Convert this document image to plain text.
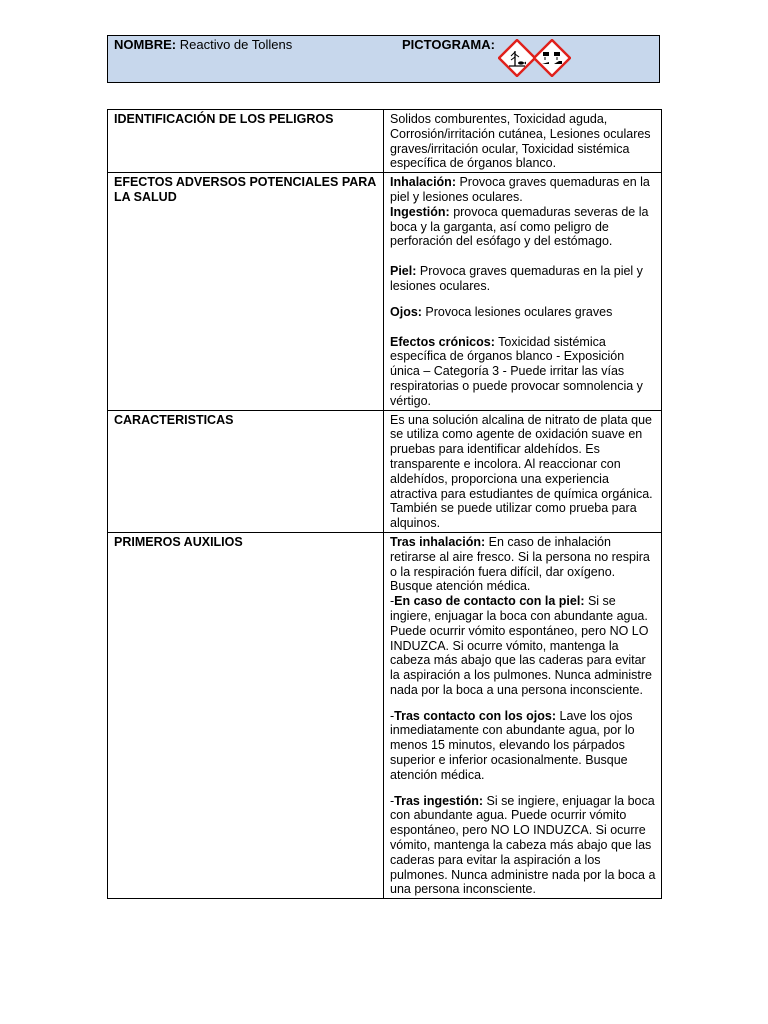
NOMBRE: Reactivo de Tollens	PICTOGRAMA:
IDENTIFICACIÓN DE LOS PELIGROS	Solidos comburentes, Toxicidad aguda, Corrosión/irritación cutánea, Lesiones oculares graves/irritación ocular, Toxicidad sistémica específica de órganos blanco.
EFECTOS ADVERSOS POTENCIALES PARA LA SALUD	Inhalación: Provoca graves quemaduras en la piel y lesiones oculares.

Ingestión: provoca quemaduras severas de la boca y la garganta, así como peligro de perforación del esófago y del estómago.

Piel: Provoca graves quemaduras en la piel y lesiones oculares.

Ojos: Provoca lesiones oculares graves

Efectos crónicos: Toxicidad sistémica específica de órganos blanco - Exposición única – Categoría 3 - Puede irritar las vías respiratorias o puede provocar somnolencia y vértigo.

CARACTERISTICAS	Es una solución alcalina de nitrato de plata que se utiliza como agente de oxidación suave en pruebas para identificar aldehídos. Es transparente e incolora. Al reaccionar con aldehídos, proporciona una experiencia atractiva para estudiantes de química orgánica. También se puede utilizar como prueba para alquinos.
PRIMEROS AUXILIOS	Tras inhalación: En caso de inhalación retirarse al aire fresco. Si la persona no respira o la respiración fuera difícil, dar oxígeno. Busque atención médica.

-En caso de contacto con la piel: Si se ingiere, enjuagar la boca con abundante agua. Puede ocurrir vómito espontáneo, pero NO LO INDUZCA. Si ocurre vómito, mantenga la cabeza más abajo que las caderas para evitar la aspiración a los pulmones. Nunca administre nada por la boca a una persona inconsciente.

-Tras contacto con los ojos: Lave los ojos inmediatamente con abundante agua, por lo menos 15 minutos, elevando los párpados superior e inferior ocasionalmente. Busque atención médica.

-Tras ingestión: Si se ingiere, enjuagar la boca con abundante agua. Puede ocurrir vómito espontáneo, pero NO LO INDUZCA. Si ocurre vómito, mantenga la cabeza más abajo que las caderas para evitar la aspiración a los pulmones. Nunca administre nada por la boca a una persona inconsciente.
